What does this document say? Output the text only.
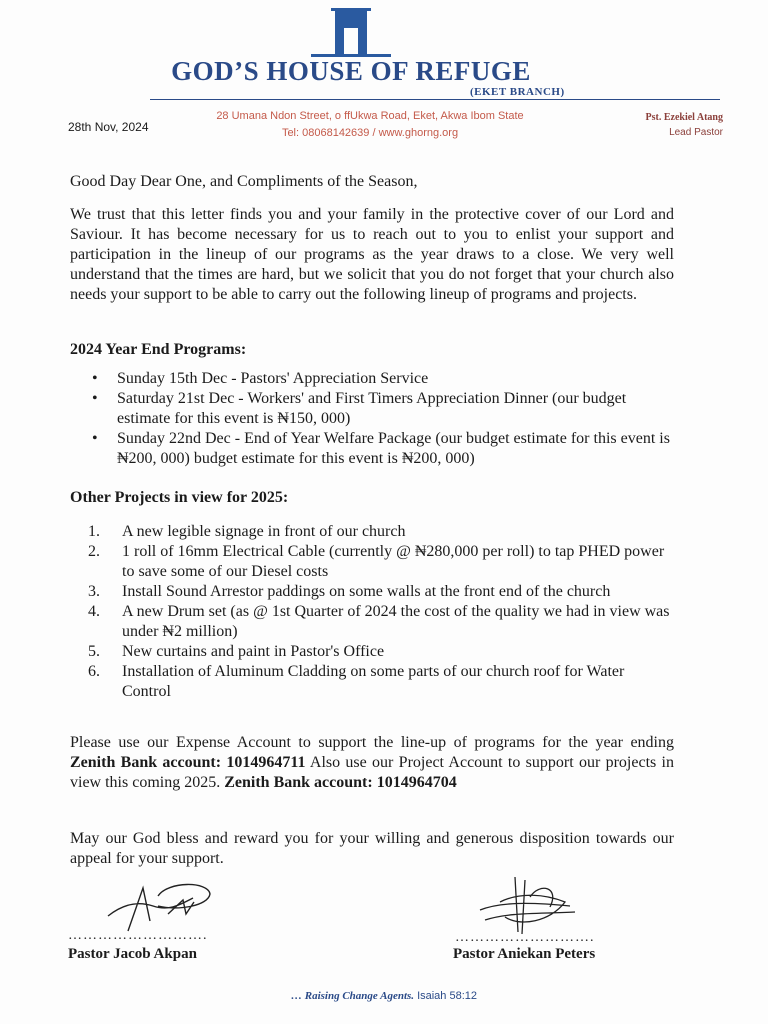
GOD’S HOUSE OF REFUGE
(EKET BRANCH)
28 Umana Ndon Street, o ffUkwa Road, Eket, Akwa Ibom State
Tel: 08068142639 / www.ghorng.org
28th Nov, 2024
Pst. Ezekiel Atang
Lead Pastor
Good Day Dear One, and Compliments of the Season,
We trust that this letter finds you and your family in the protective cover of our Lord and Saviour. It has become necessary for us to reach out to you to enlist your support and participation in the lineup of our programs as the year draws to a close. We very well understand that the times are hard, but we solicit that you do not forget that your church also needs your support to be able to carry out the following lineup of programs and projects.
2024 Year End Programs:
• Sunday 15th Dec - Pastors' Appreciation Service
• Saturday 21st Dec - Workers' and First Timers Appreciation Dinner (our budget estimate for this event is ₦150, 000)
• Sunday 22nd Dec - End of Year Welfare Package (our budget estimate for this event is ₦200, 000) budget estimate for this event is ₦200, 000)
Other Projects in view for 2025:
1. A new legible signage in front of our church
2. 1 roll of 16mm Electrical Cable (currently @ ₦280,000 per roll) to tap PHED power to save some of our Diesel costs
3. Install Sound Arrestor paddings on some walls at the front end of the church
4. A new Drum set (as @ 1st Quarter of 2024 the cost of the quality we had in view was under ₦2 million)
5. New curtains and paint in Pastor's Office
6. Installation of Aluminum Cladding on some parts of our church roof for Water Control
Please use our Expense Account to support the line-up of programs for the year ending Zenith Bank account: 1014964711 Also use our Project Account to support our projects in view this coming 2025. Zenith Bank account: 1014964704
May our God bless and reward you for your willing and generous disposition towards our appeal for your support.
……………………….	……………………….
Pastor Jacob Akpan	Pastor Aniekan Peters
… Raising Change Agents. Isaiah 58:12
